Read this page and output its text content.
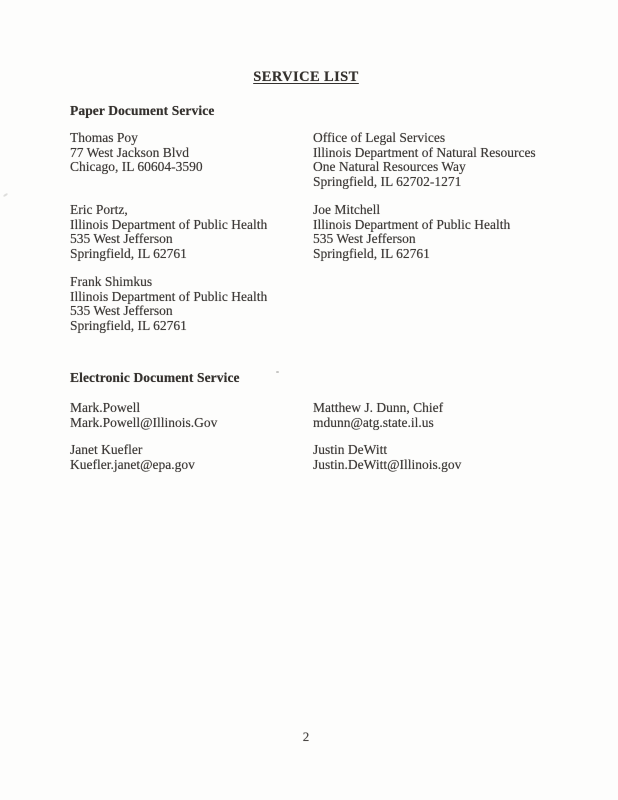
SERVICE LIST
Paper Document Service
Thomas Poy
77 West Jackson Blvd
Chicago, IL 60604-3590
Office of Legal Services
Illinois Department of Natural Resources
One Natural Resources Way
Springfield, IL 62702-1271
Eric Portz,
Illinois Department of Public Health
535 West Jefferson
Springfield, IL 62761
Joe Mitchell
Illinois Department of Public Health
535 West Jefferson
Springfield, IL 62761
Frank Shimkus
Illinois Department of Public Health
535 West Jefferson
Springfield, IL 62761
Electronic Document Service
Mark.Powell
Mark.Powell@Illinois.Gov
Matthew J. Dunn, Chief
mdunn@atg.state.il.us
Janet Kuefler
Kuefler.janet@epa.gov
Justin DeWitt
Justin.DeWitt@Illinois.gov
2
